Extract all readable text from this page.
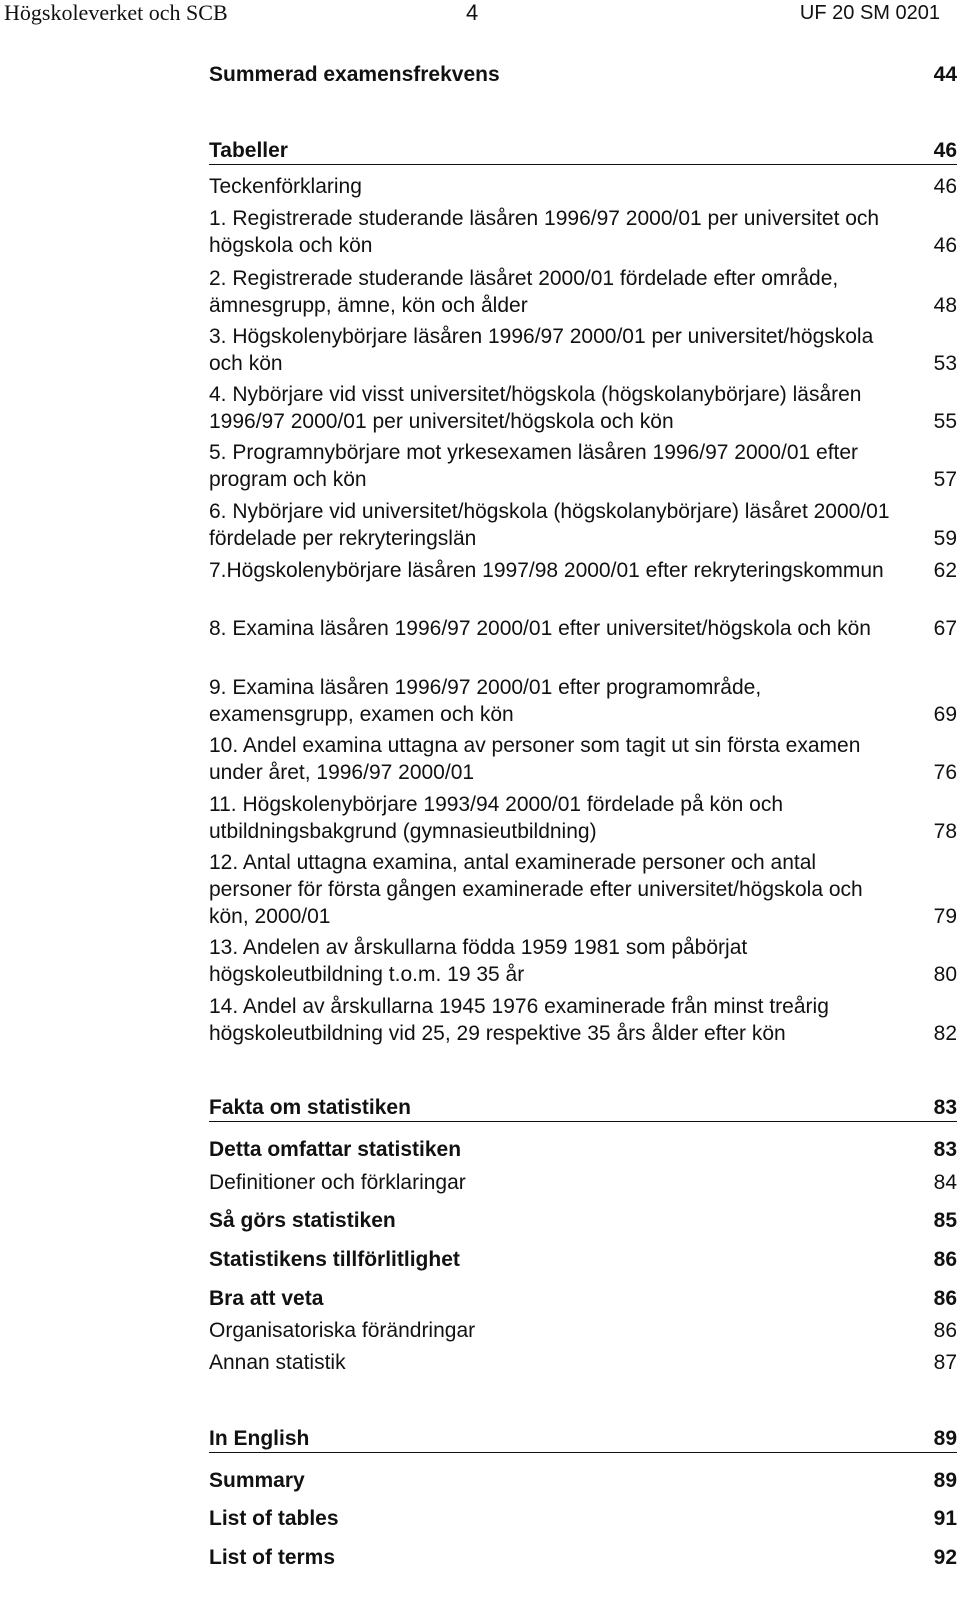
Högskoleverket och SCB	4	UF 20 SM 0201
Summerad examensfrekvens	44
Tabeller	46
Teckenförklaring	46
1. Registrerade studerande läsåren 1996/97 2000/01 per universitet och högskola och kön	46
2. Registrerade studerande läsåret 2000/01 fördelade efter område, ämnesgrupp, ämne, kön och ålder	48
3. Högskolenybörjare läsåren 1996/97 2000/01 per universitet/högskola och kön	53
4. Nybörjare vid visst universitet/högskola (högskolanybörjare) läsåren 1996/97 2000/01 per universitet/högskola och kön	55
5. Programnybörjare mot yrkesexamen läsåren 1996/97 2000/01 efter program och kön	57
6. Nybörjare vid universitet/högskola (högskolanybörjare) läsåret 2000/01 fördelade per rekryteringslän	59
7.Högskolenybörjare läsåren 1997/98 2000/01 efter rekryteringskommun	62
8. Examina läsåren 1996/97 2000/01 efter universitet/högskola och kön	67
9. Examina läsåren 1996/97 2000/01 efter programområde, examensgrupp, examen och kön	69
10. Andel examina uttagna av personer som tagit ut sin första examen under året, 1996/97 2000/01	76
11. Högskolenybörjare 1993/94 2000/01 fördelade på kön och utbildningsbakgrund (gymnasieutbildning)	78
12. Antal uttagna examina, antal examinerade personer och antal personer för första gången examinerade efter universitet/högskola och kön, 2000/01	79
13. Andelen av årskullarna födda 1959 1981 som påbörjat högskoleutbildning t.o.m. 19 35 år	80
14. Andel av årskullarna 1945 1976 examinerade från minst treårig högskoleutbildning vid 25, 29 respektive 35 års ålder efter kön	82
Fakta om statistiken	83
Detta omfattar statistiken	83
Definitioner och förklaringar	84
Så görs statistiken	85
Statistikens tillförlitlighet	86
Bra att veta	86
Organisatoriska förändringar	86
Annan statistik	87
In English	89
Summary	89
List of tables	91
List of terms	92
